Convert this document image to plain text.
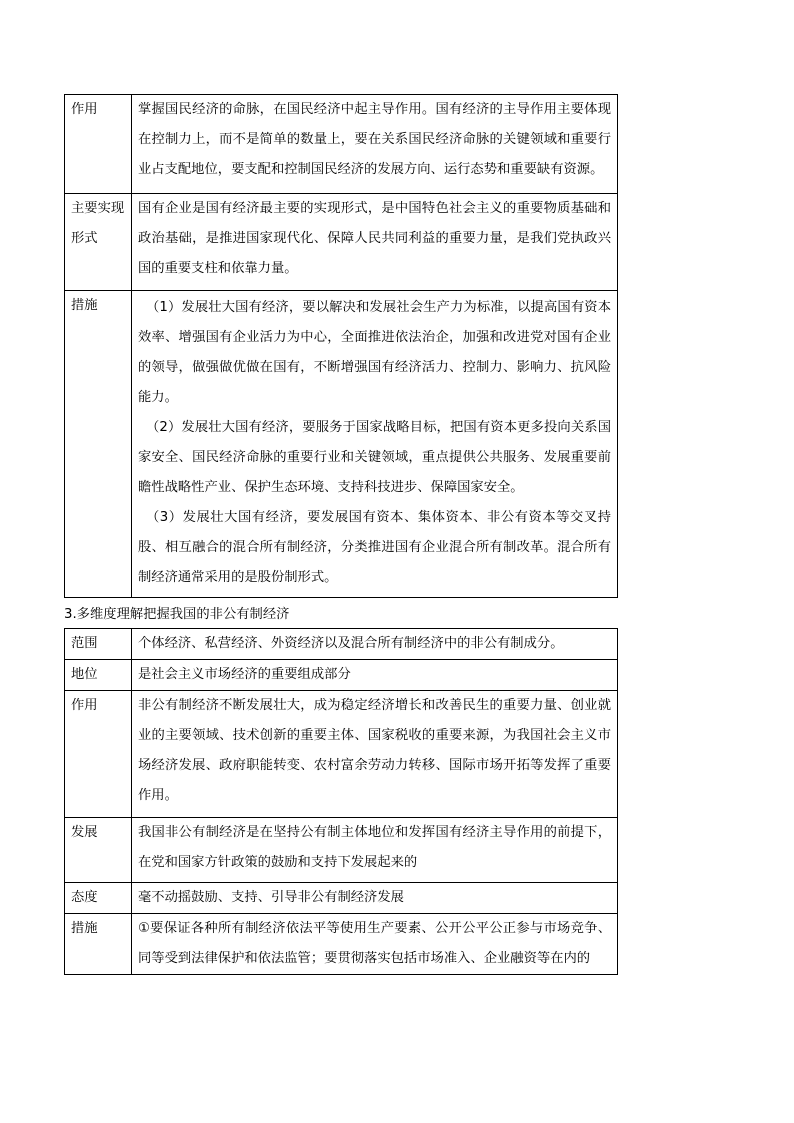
作用	掌握国民经济的命脉，在国民经济中起主导作用。国有经济的主导作用主要体现在控制力上，而不是简单的数量上，要在关系国民经济命脉的关键领域和重要行业占支配地位，要支配和控制国民经济的发展方向、运行态势和重要缺有资源。

主要实现形式	国有企业是国有经济最主要的实现形式，是中国特色社会主义的重要物质基础和政治基础，是推进国家现代化、保障人民共同利益的重要力量，是我们党执政兴国的重要支柱和依靠力量。

措施	（1）发展壮大国有经济，要以解决和发展社会生产力为标准，以提高国有资本效率、增强国有企业活力为中心，全面推进依法治企，加强和改进党对国有企业的领导，做强做优做在国有，不断增强国有经济活力、控制力、影响力、抗风险能力。

（2）发展壮大国有经济，要服务于国家战略目标，把国有资本更多投向关系国家安全、国民经济命脉的重要行业和关键领域，重点提供公共服务、发展重要前瞻性战略性产业、保护生态环境、支持科技进步、保障国家安全。

（3）发展壮大国有经济，要发展国有资本、集体资本、非公有资本等交叉持股、相互融合的混合所有制经济，分类推进国有企业混合所有制改革。混合所有制经济通常采用的是股份制形式。

3.多维度理解把握我国的非公有制经济
范围	个体经济、私营经济、外资经济以及混合所有制经济中的非公有制成分。

地位	是社会主义市场经济的重要组成部分

作用	非公有制经济不断发展壮大，成为稳定经济增长和改善民生的重要力量、创业就业的主要领域、技术创新的重要主体、国家税收的重要来源，为我国社会主义市场经济发展、政府职能转变、农村富余劳动力转移、国际市场开拓等发挥了重要作用。

发展	我国非公有制经济是在坚持公有制主体地位和发挥国有经济主导作用的前提下，在党和国家方针政策的鼓励和支持下发展起来的

态度	毫不动摇鼓励、支持、引导非公有制经济发展

措施	①要保证各种所有制经济依法平等使用生产要素、公开公平公正参与市场竞争、同等受到法律保护和依法监管；要贯彻落实包括市场准入、企业融资等在内的
